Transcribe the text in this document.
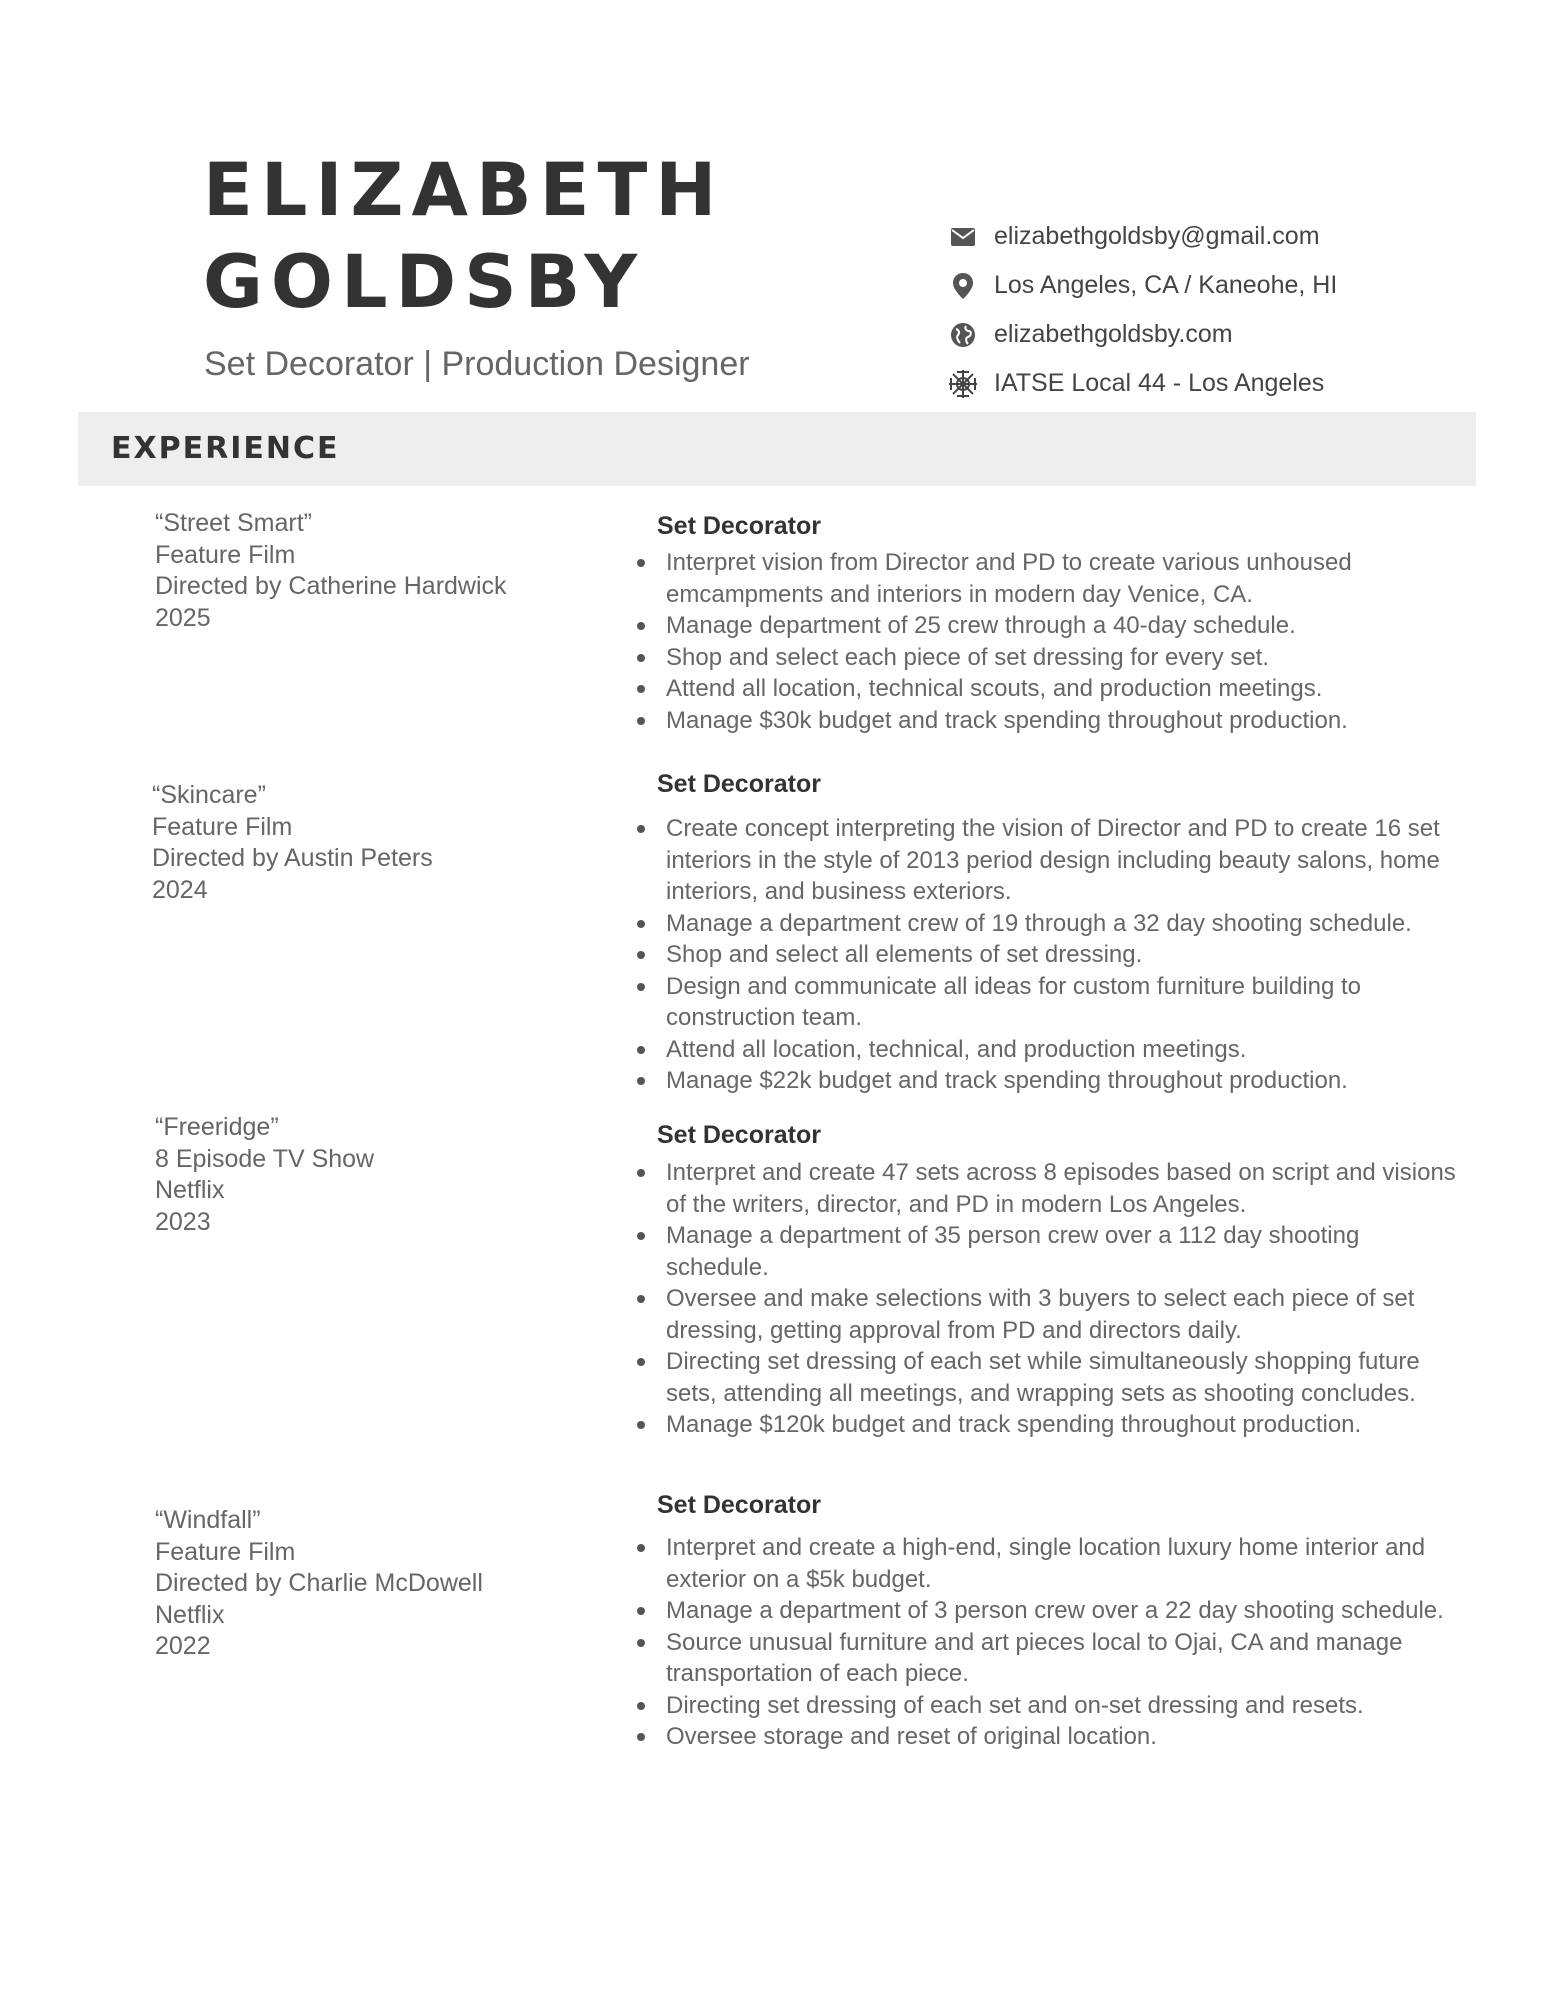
ELIZABETH
GOLDSBY
Set Decorator | Production Designer
elizabethgoldsby@gmail.com
Los Angeles, CA / Kaneohe, HI
elizabethgoldsby.com
IATSE Local 44 - Los Angeles
EXPERIENCE
“Street Smart”
Feature Film
Directed by Catherine Hardwick
2025
Set Decorator
Interpret vision from Director and PD to create various unhoused emcampments and interiors in modern day Venice, CA.
Manage department of 25 crew through a 40-day schedule.
Shop and select each piece of set dressing for every set.
Attend all location, technical scouts, and production meetings.
Manage $30k budget and track spending throughout production.
“Skincare”
Feature Film
Directed by Austin Peters
2024
Set Decorator
Create concept interpreting the vision of Director and PD to create 16 set interiors in the style of 2013 period design including beauty salons, home interiors, and business exteriors.
Manage a department crew of 19 through a 32 day shooting schedule.
Shop and select all elements of set dressing.
Design and communicate all ideas for custom furniture building to construction team.
Attend all location, technical, and production meetings.
Manage $22k budget and track spending throughout production.
“Freeridge”
8 Episode TV Show
Netflix
2023
Set Decorator
Interpret and create 47 sets across 8 episodes based on script and visions of the writers, director, and PD in modern Los Angeles.
Manage a department of 35 person crew over a 112 day shooting schedule.
Oversee and make selections with 3 buyers to select each piece of set dressing, getting approval from PD and directors daily.
Directing set dressing of each set while simultaneously shopping future sets, attending all meetings, and wrapping sets as shooting concludes.
Manage $120k budget and track spending throughout production.
“Windfall”
Feature Film
Directed by Charlie McDowell
Netflix
2022
Set Decorator
Interpret and create a high-end, single location luxury home interior and exterior on a $5k budget.
Manage a department of 3 person crew over a 22 day shooting schedule.
Source unusual furniture and art pieces local to Ojai, CA and manage transportation of each piece.
Directing set dressing of each set and on-set dressing and resets.
Oversee storage and reset of original location.
